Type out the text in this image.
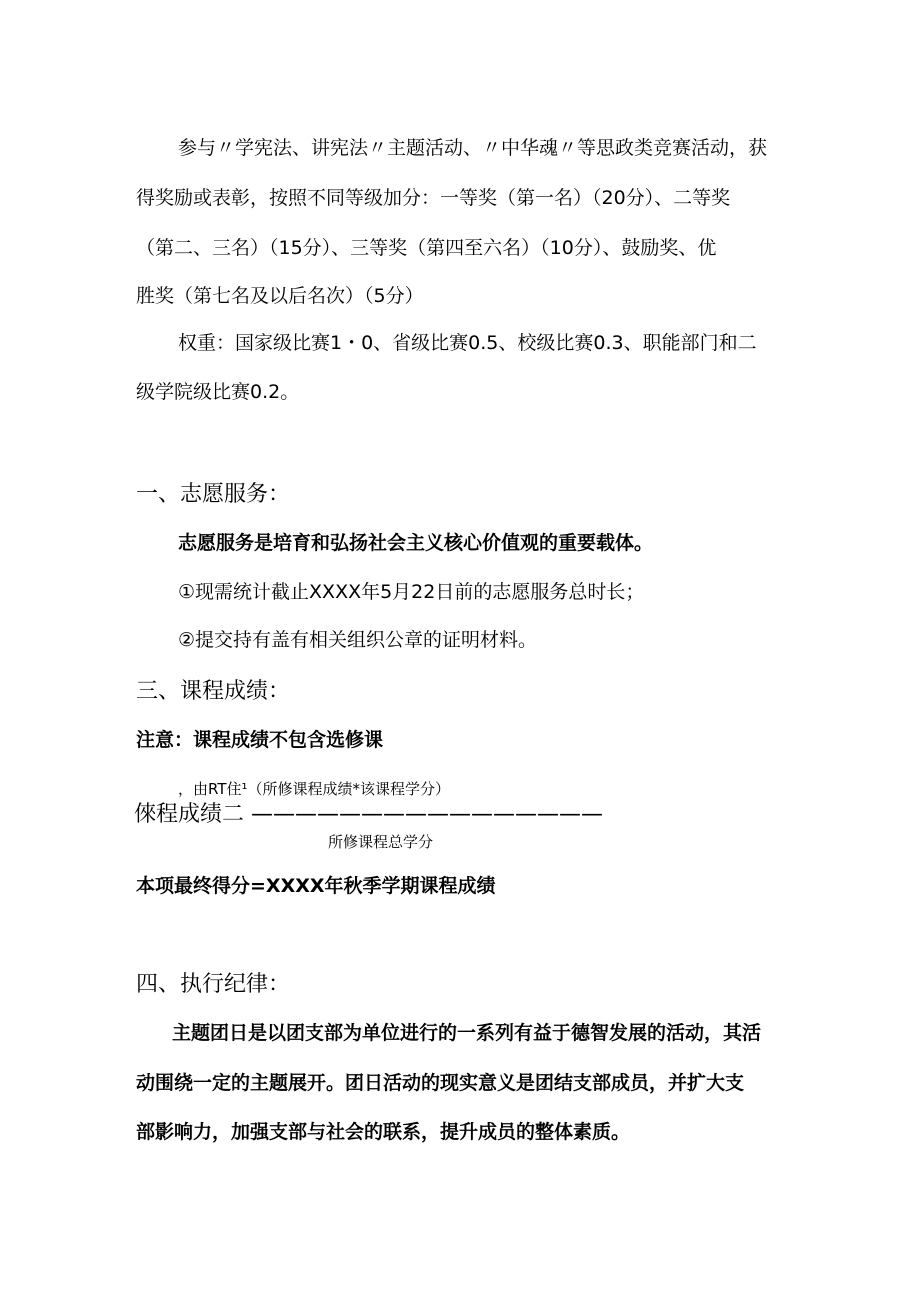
参与〃学宪法、讲宪法〃主题活动、〃中华魂〃等思政类竞赛活动，获

得奖励或表彰，按照不同等级加分：一等奖（第一名）（20分）、二等奖

（第二、三名）（15分）、三等奖（第四至六名）（10分）、鼓励奖、优

胜奖（第七名及以后名次）（5分）

权重：国家级比赛1・0、省级比赛0.5、校级比赛0.3、职能部门和二

级学院级比赛0.2。

一、志愿服务：

志愿服务是培育和弘扬社会主义核心价值观的重要载体。

①现需统计截止XXXX年5月22日前的志愿服务总时长；

②提交持有盖有相关组织公章的证明材料。

三、课程成绩：

注意：课程成绩不包含选修课

，由RT住¹（所修课程成绩*该课程学分）

倈程成绩二 ————————————————

所修课程总学分

本项最终得分=XXXX年秋季学期课程成绩

四、执行纪律：

主题团日是以团支部为单位进行的一系列有益于德智发展的活动，其活

动围绕一定的主题展开。团日活动的现实意义是团结支部成员，并扩大支

部影响力，加强支部与社会的联系，提升成员的整体素质。
